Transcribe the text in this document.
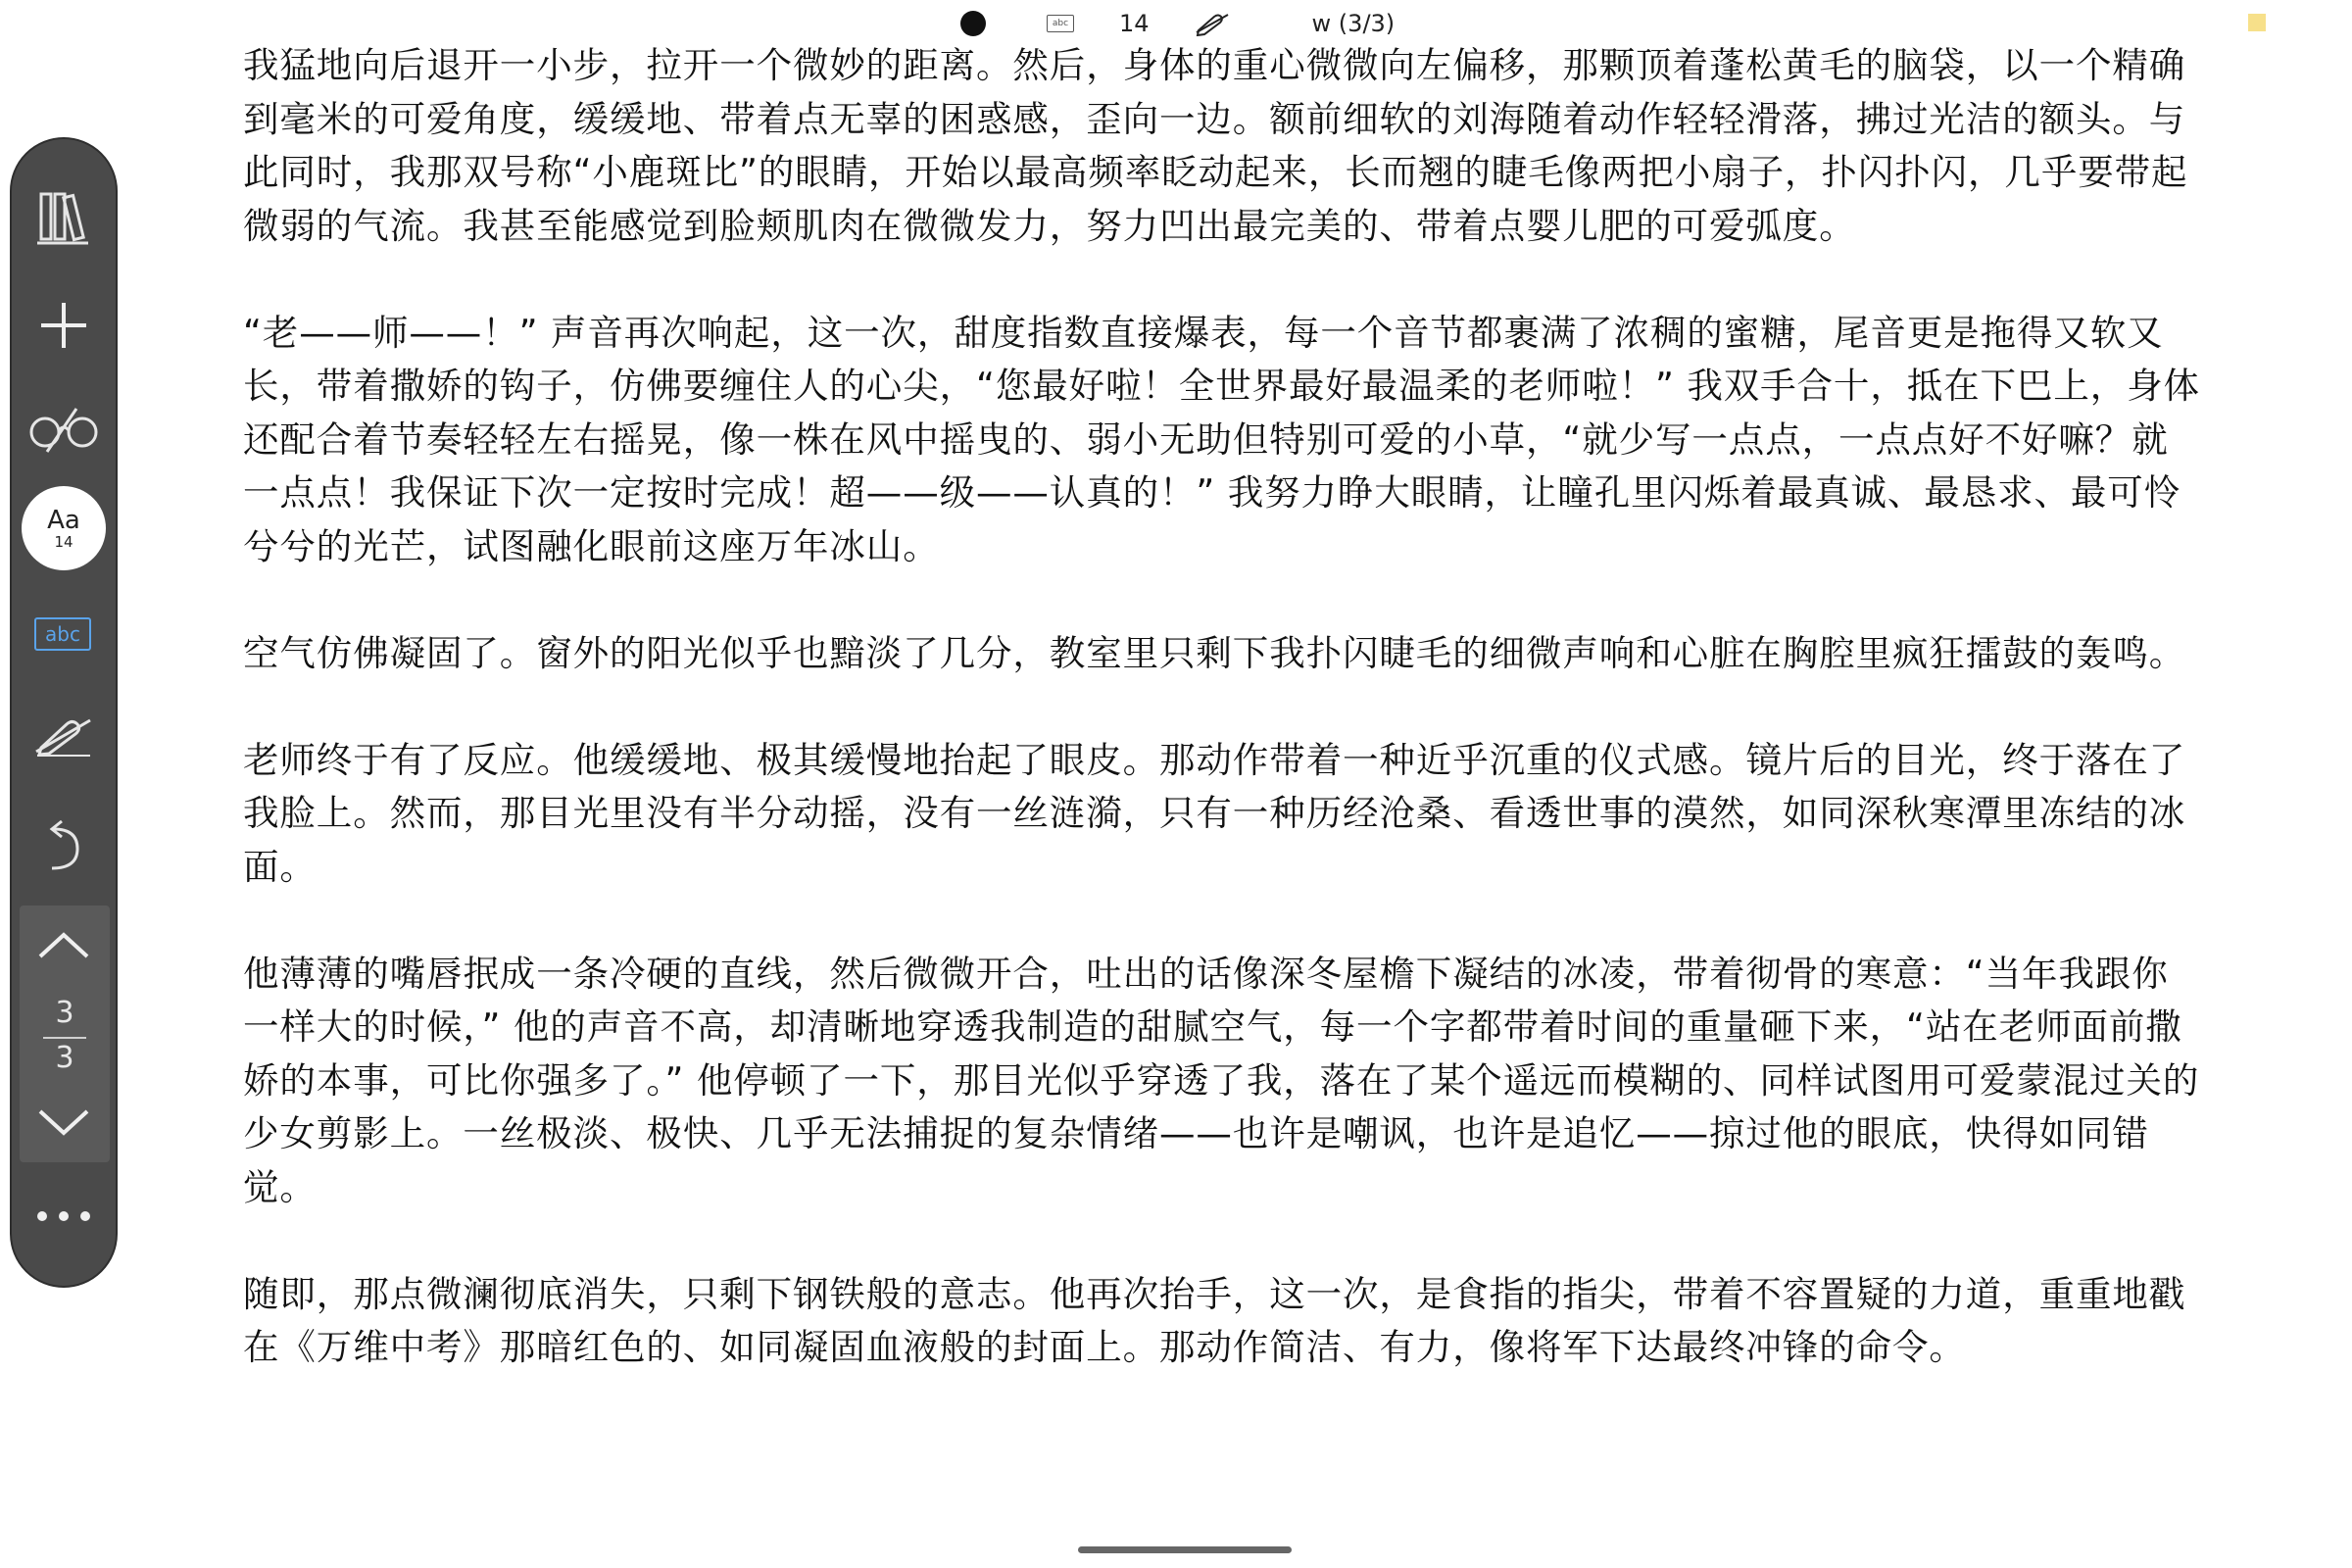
abc 14	w (3/3)
Aa
14
abc
3
3

我猛地向后退开一小步，拉开一个微妙的距离。然后，身体的重心微微向左偏移，那颗顶着蓬松黄毛的脑袋，以一个精确到毫米的可爱角度，缓缓地、带着点无辜的困惑感，歪向一边。额前细软的刘海随着动作轻轻滑落，拂过光洁的额头。与此同时，我那双号称“小鹿斑比”的眼睛，开始以最高频率眨动起来，长而翘的睫毛像两把小扇子，扑闪扑闪，几乎要带起微弱的气流。我甚至能感觉到脸颊肌肉在微微发力，努力凹出最完美的、带着点婴儿肥的可爱弧度。

“老——师——！” 声音再次响起，这一次，甜度指数直接爆表，每一个音节都裹满了浓稠的蜜糖，尾音更是拖得又软又长，带着撒娇的钩子，仿佛要缠住人的心尖，“您最好啦！全世界最好最温柔的老师啦！” 我双手合十，抵在下巴上，身体还配合着节奏轻轻左右摇晃，像一株在风中摇曳的、弱小无助但特别可爱的小草，“就少写一点点，一点点好不好嘛？就一点点！我保证下次一定按时完成！超——级——认真的！” 我努力睁大眼睛，让瞳孔里闪烁着最真诚、最恳求、最可怜兮兮的光芒，试图融化眼前这座万年冰山。

空气仿佛凝固了。窗外的阳光似乎也黯淡了几分，教室里只剩下我扑闪睫毛的细微声响和心脏在胸腔里疯狂擂鼓的轰鸣。

老师终于有了反应。他缓缓地、极其缓慢地抬起了眼皮。那动作带着一种近乎沉重的仪式感。镜片后的目光，终于落在了我脸上。然而，那目光里没有半分动摇，没有一丝涟漪，只有一种历经沧桑、看透世事的漠然，如同深秋寒潭里冻结的冰面。

他薄薄的嘴唇抿成一条冷硬的直线，然后微微开合，吐出的话像深冬屋檐下凝结的冰凌，带着彻骨的寒意：“当年我跟你一样大的时候，” 他的声音不高，却清晰地穿透我制造的甜腻空气，每一个字都带着时间的重量砸下来，“站在老师面前撒娇的本事，可比你强多了。” 他停顿了一下，那目光似乎穿透了我，落在了某个遥远而模糊的、同样试图用可爱蒙混过关的少女剪影上。一丝极淡、极快、几乎无法捕捉的复杂情绪——也许是嘲讽，也许是追忆——掠过他的眼底，快得如同错觉。

随即，那点微澜彻底消失，只剩下钢铁般的意志。他再次抬手，这一次，是食指的指尖，带着不容置疑的力道，重重地戳在《万维中考》那暗红色的、如同凝固血液般的封面上。那动作简洁、有力，像将军下达最终冲锋的命令。
